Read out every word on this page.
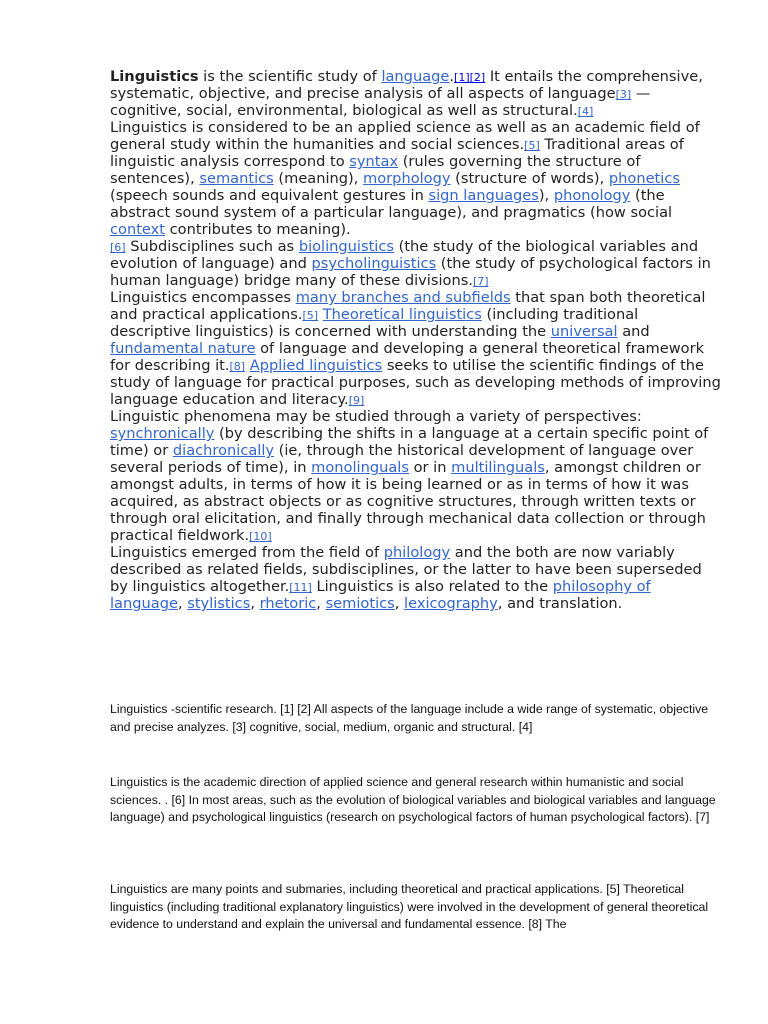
Linguistics is the scientific study of language.[1][2] It entails the comprehensive, systematic, objective, and precise analysis of all aspects of language[3] — cognitive, social, environmental, biological as well as structural.[4]

Linguistics is considered to be an applied science as well as an academic field of general study within the humanities and social sciences.[5] Traditional areas of linguistic analysis correspond to syntax (rules governing the structure of sentences), semantics (meaning), morphology (structure of words), phonetics (speech sounds and equivalent gestures in sign languages), phonology (the abstract sound system of a particular language), and pragmatics (how social context contributes to meaning).

[6] Subdisciplines such as biolinguistics (the study of the biological variables and evolution of language) and psycholinguistics (the study of psychological factors in human language) bridge many of these divisions.[7]

Linguistics encompasses many branches and subfields that span both theoretical and practical applications.[5] Theoretical linguistics (including traditional descriptive linguistics) is concerned with understanding the universal and fundamental nature of language and developing a general theoretical framework for describing it.[8] Applied linguistics seeks to utilise the scientific findings of the study of language for practical purposes, such as developing methods of improving language education and literacy.[9]

Linguistic phenomena may be studied through a variety of perspectives: synchronically (by describing the shifts in a language at a certain specific point of time) or diachronically (ie, through the historical development of language over several periods of time), in monolinguals or in multilinguals, amongst children or amongst adults, in terms of how it is being learned or as in terms of how it was acquired, as abstract objects or as cognitive structures, through written texts or through oral elicitation, and finally through mechanical data collection or through practical fieldwork.[10]

Linguistics emerged from the field of philology and the both are now variably described as related fields, subdisciplines, or the latter to have been superseded by linguistics altogether.[11] Linguistics is also related to the philosophy of language, stylistics, rhetoric, semiotics, lexicography, and translation.

Linguistics -scientific research. [1] [2] All aspects of the language include a wide range of systematic, objective and precise analyzes. [3] cognitive, social, medium, organic and structural. [4]

Linguistics is the academic direction of applied science and general research within humanistic and social sciences. . [6] In most areas, such as the evolution of biological variables and biological variables and language language) and psychological linguistics (research on psychological factors of human psychological factors). [7]

Linguistics are many points and submaries, including theoretical and practical applications. [5] Theoretical linguistics (including traditional explanatory linguistics) were involved in the development of general theoretical evidence to understand and explain the universal and fundamental essence. [8] The
